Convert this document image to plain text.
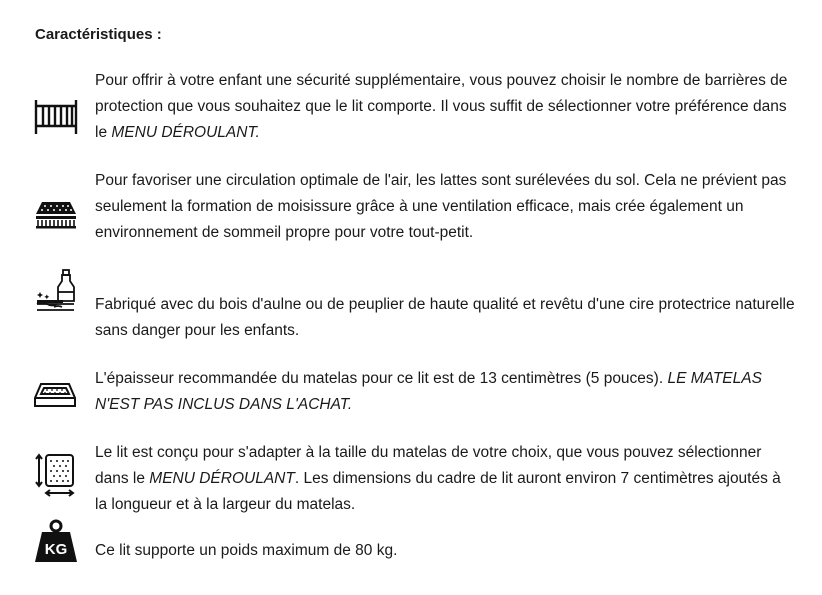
Caractéristiques :
Pour offrir à votre enfant une sécurité supplémentaire, vous pouvez choisir le nombre de barrières de protection que vous souhaitez que le lit comporte. Il vous suffit de sélectionner votre préférence dans le MENU DÉROULANT.
Pour favoriser une circulation optimale de l'air, les lattes sont surélevées du sol. Cela ne prévient pas seulement la formation de moisissure grâce à une ventilation efficace, mais crée également un environnement de sommeil propre pour votre tout-petit.
Fabriqué avec du bois d'aulne ou de peuplier de haute qualité et revêtu d'une cire protectrice naturelle sans danger pour les enfants.
L'épaisseur recommandée du matelas pour ce lit est de 13 centimètres (5 pouces). LE MATELAS N'EST PAS INCLUS DANS L'ACHAT.
Le lit est conçu pour s'adapter à la taille du matelas de votre choix, que vous pouvez sélectionner dans le MENU DÉROULANT. Les dimensions du cadre de lit auront environ 7 centimètres ajoutés à la longueur et à la largeur du matelas.
KG Ce lit supporte un poids maximum de 80 kg.
